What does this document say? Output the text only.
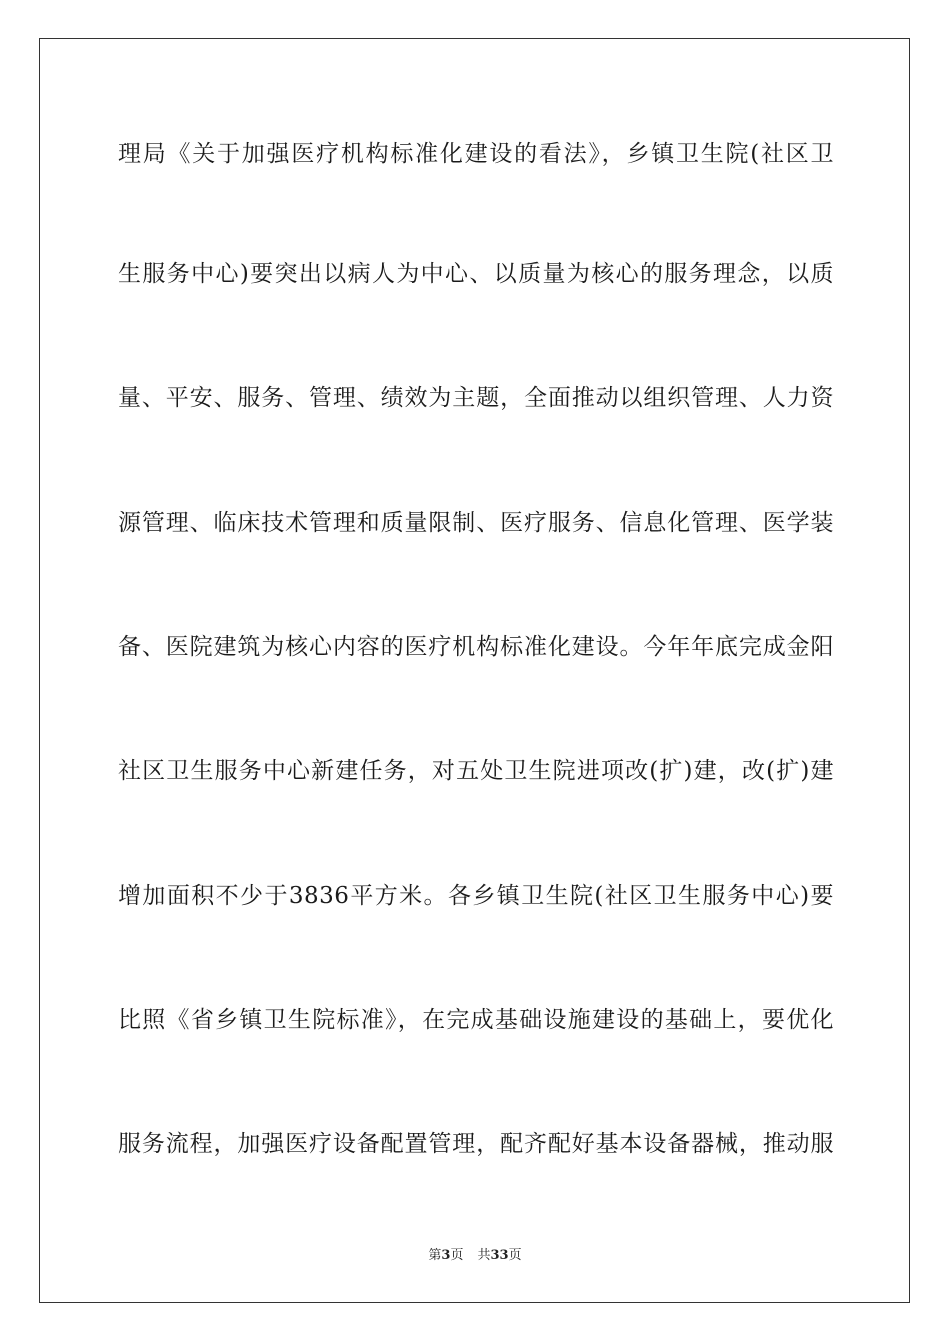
理局《关于加强医疗机构标准化建设的看法》，乡镇卫生院(社区卫
生服务中心)要突出以病人为中心、以质量为核心的服务理念，以质
量、平安、服务、管理、绩效为主题，全面推动以组织管理、人力资
源管理、临床技术管理和质量限制、医疗服务、信息化管理、医学装
备、医院建筑为核心内容的医疗机构标准化建设。今年年底完成金阳
社区卫生服务中心新建任务，对五处卫生院进项改(扩)建，改(扩)建
增加面积不少于3836平方米。各乡镇卫生院(社区卫生服务中心)要
比照《省乡镇卫生院标准》，在完成基础设施建设的基础上，要优化
服务流程，加强医疗设备配置管理，配齐配好基本设备器械，推动服
第3页 共33页
